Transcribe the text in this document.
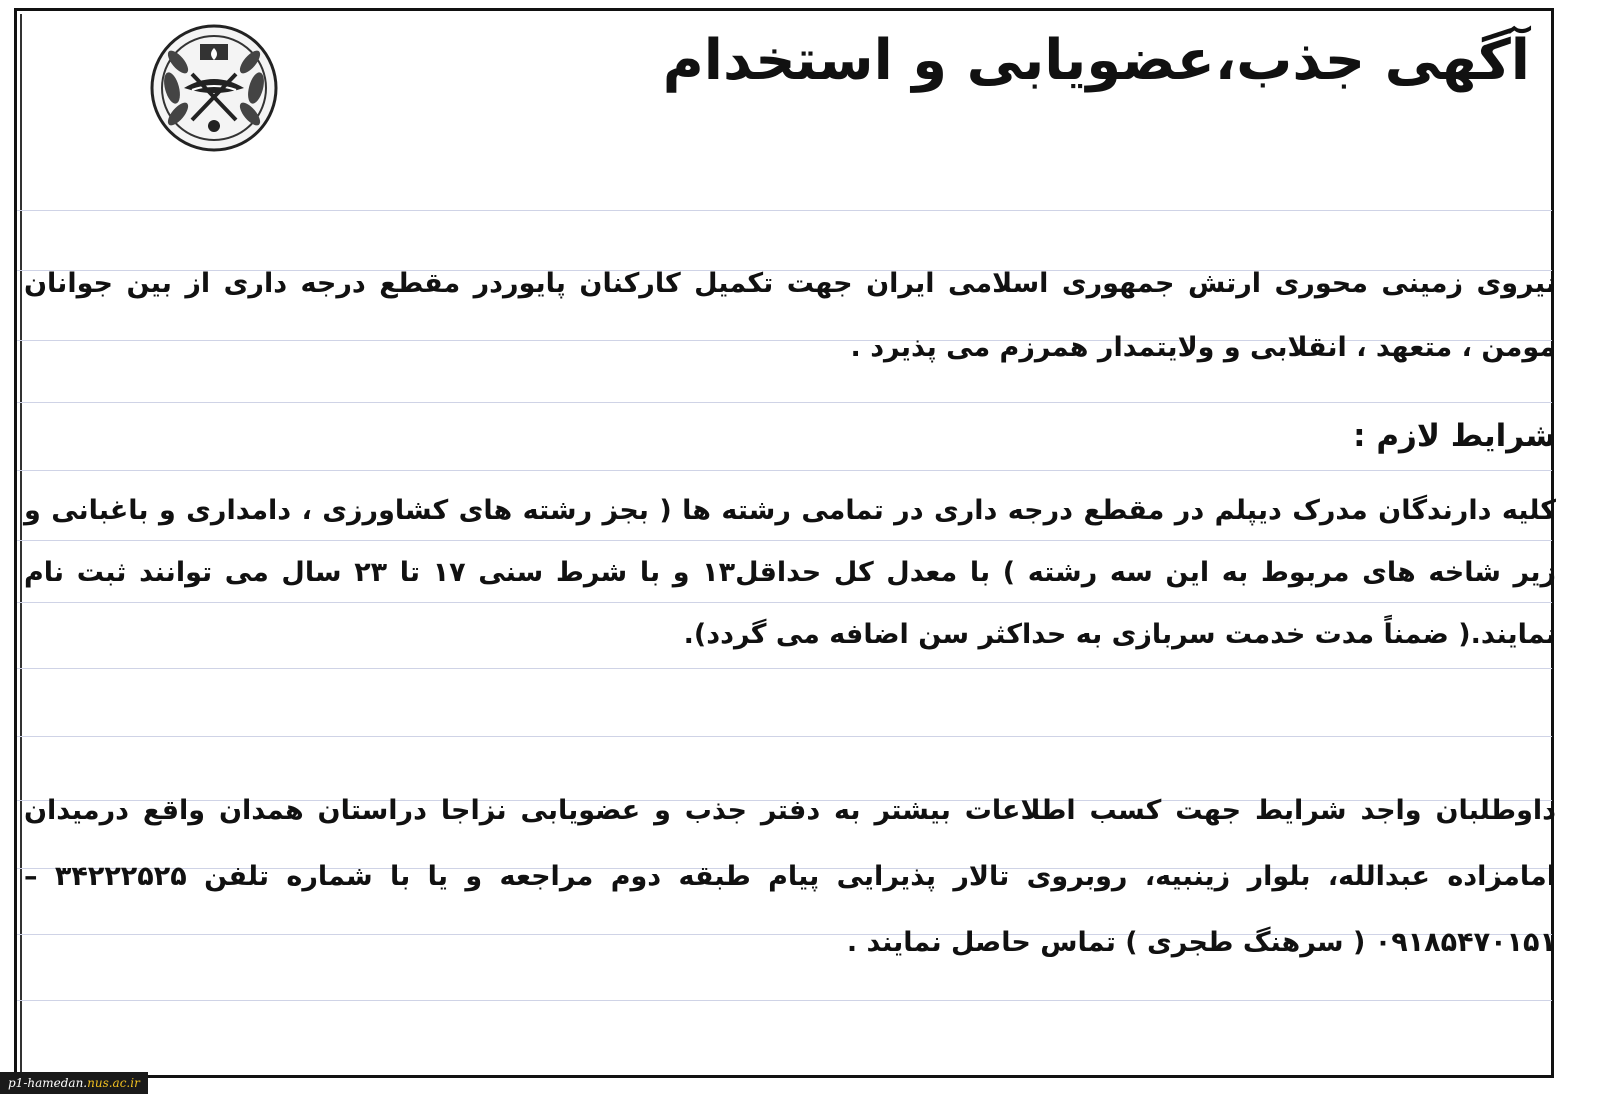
آگهی جذب،عضویابی و استخدام

نیروی زمینی محوری ارتش جمهوری اسلامی ایران جهت تکمیل کارکنان پایوردر مقطع درجه داری از بین جوانان مومن ، متعهد ، انقلابی و ولایتمدار همرزم می پذیرد .

شرایط لازم :

کلیه دارندگان مدرک دیپلم در مقطع درجه داری در تمامی رشته ها ( بجز رشته های کشاورزی ، دامداری و باغبانی و زیر شاخه های مربوط به این سه رشته ) با معدل کل حداقل۱۳ و با شرط سنی ۱۷ تا ۲۳ سال می توانند ثبت نام نمایند.( ضمناً مدت خدمت سربازی به حداکثر سن اضافه می گردد).

داوطلبان واجد شرایط جهت کسب اطلاعات بیشتر به دفتر جذب و عضویابی نزاجا دراستان همدان واقع درمیدان امامزاده عبدالله، بلوار زینبیه، روبروی تالار پذیرایی پیام طبقه دوم مراجعه و یا با شماره تلفن ۳۴۲۲۲۵۲۵ –۰۹۱۸۵۴۷۰۱۵۱ ( سرهنگ طجری ) تماس حاصل نمایند .

p1-hamedan.nus.ac.ir
